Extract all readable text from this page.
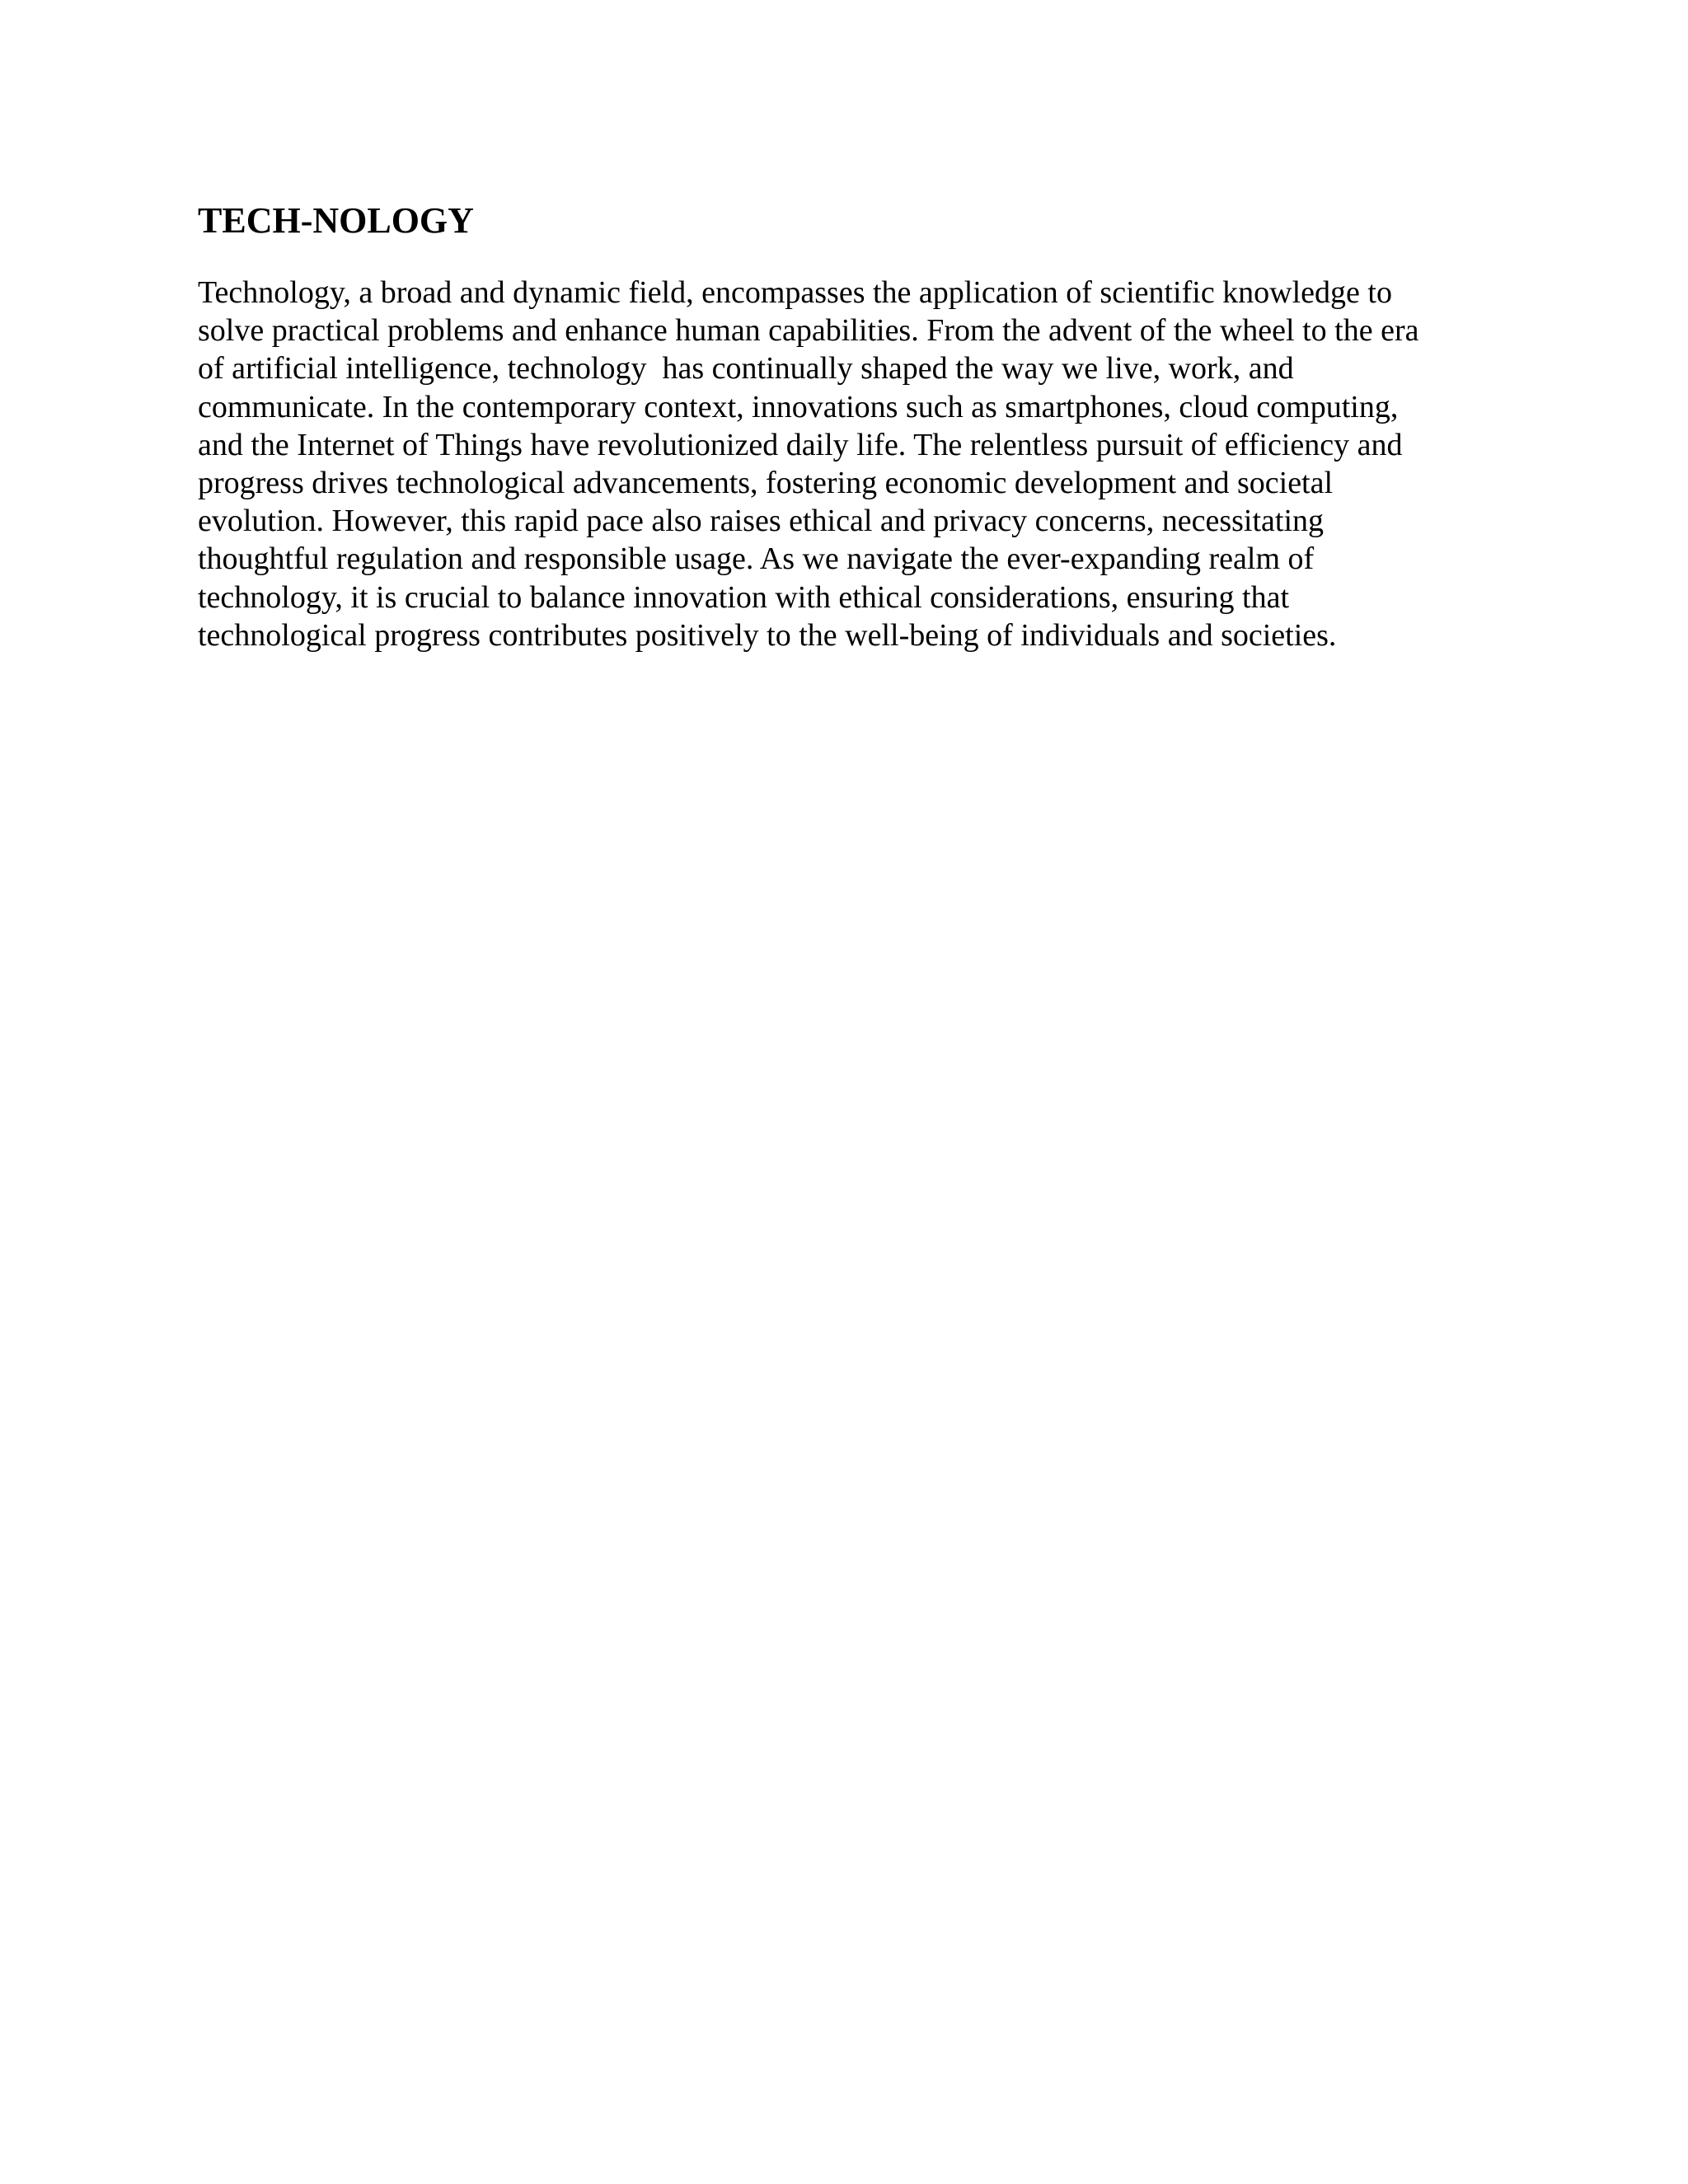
TECH-NOLOGY

Technology, a broad and dynamic field, encompasses the application of scientific knowledge to
solve practical problems and enhance human capabilities. From the advent of the wheel to the era
of artificial intelligence, technology  has continually shaped the way we live, work, and
communicate. In the contemporary context, innovations such as smartphones, cloud computing,
and the Internet of Things have revolutionized daily life. The relentless pursuit of efficiency and
progress drives technological advancements, fostering economic development and societal
evolution. However, this rapid pace also raises ethical and privacy concerns, necessitating
thoughtful regulation and responsible usage. As we navigate the ever-expanding realm of
technology, it is crucial to balance innovation with ethical considerations, ensuring that
technological progress contributes positively to the well-being of individuals and societies.
